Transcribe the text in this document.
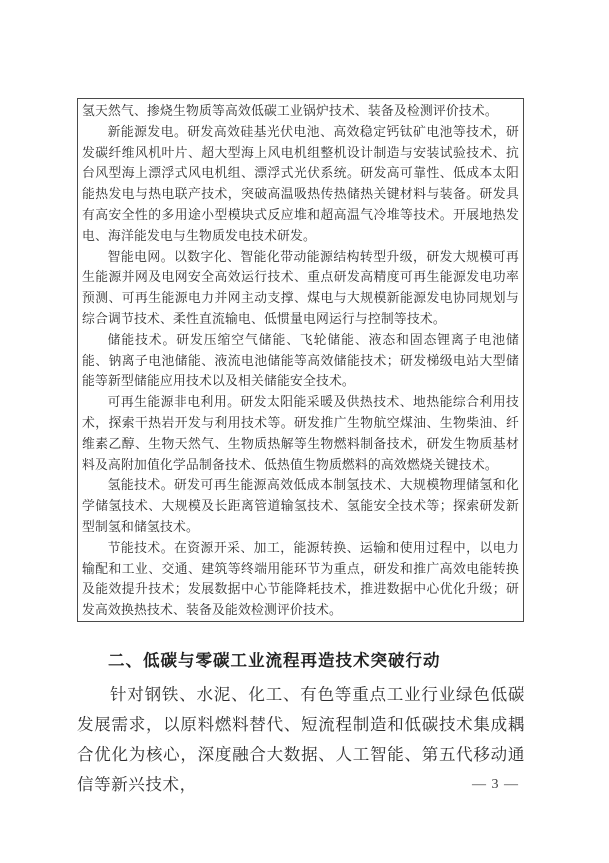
氢天然气、掺烧生物质等高效低碳工业锅炉技术、装备及检测评价技术。

新能源发电。研发高效硅基光伏电池、高效稳定钙钛矿电池等技术，研发碳纤维风机叶片、超大型海上风电机组整机设计制造与安装试验技术、抗台风型海上漂浮式风电机组、漂浮式光伏系统。研发高可靠性、低成本太阳能热发电与热电联产技术，突破高温吸热传热储热关键材料与装备。研发具有高安全性的多用途小型模块式反应堆和超高温气冷堆等技术。开展地热发电、海洋能发电与生物质发电技术研发。

智能电网。以数字化、智能化带动能源结构转型升级，研发大规模可再生能源并网及电网安全高效运行技术、重点研发高精度可再生能源发电功率预测、可再生能源电力并网主动支撑、煤电与大规模新能源发电协同规划与综合调节技术、柔性直流输电、低惯量电网运行与控制等技术。

储能技术。研发压缩空气储能、飞轮储能、液态和固态锂离子电池储能、钠离子电池储能、液流电池储能等高效储能技术；研发梯级电站大型储能等新型储能应用技术以及相关储能安全技术。

可再生能源非电利用。研发太阳能采暖及供热技术、地热能综合利用技术，探索干热岩开发与利用技术等。研发推广生物航空煤油、生物柴油、纤维素乙醇、生物天然气、生物质热解等生物燃料制备技术，研发生物质基材料及高附加值化学品制备技术、低热值生物质燃料的高效燃烧关键技术。

氢能技术。研发可再生能源高效低成本制氢技术、大规模物理储氢和化学储氢技术、大规模及长距离管道输氢技术、氢能安全技术等；探索研发新型制氢和储氢技术。

节能技术。在资源开采、加工，能源转换、运输和使用过程中，以电力输配和工业、交通、建筑等终端用能环节为重点，研发和推广高效电能转换及能效提升技术；发展数据中心节能降耗技术，推进数据中心优化升级；研发高效换热技术、装备及能效检测评价技术。

二、低碳与零碳工业流程再造技术突破行动

针对钢铁、水泥、化工、有色等重点工业行业绿色低碳发展需求，以原料燃料替代、短流程制造和低碳技术集成耦合优化为核心，深度融合大数据、人工智能、第五代移动通信等新兴技术，	— 3 —
